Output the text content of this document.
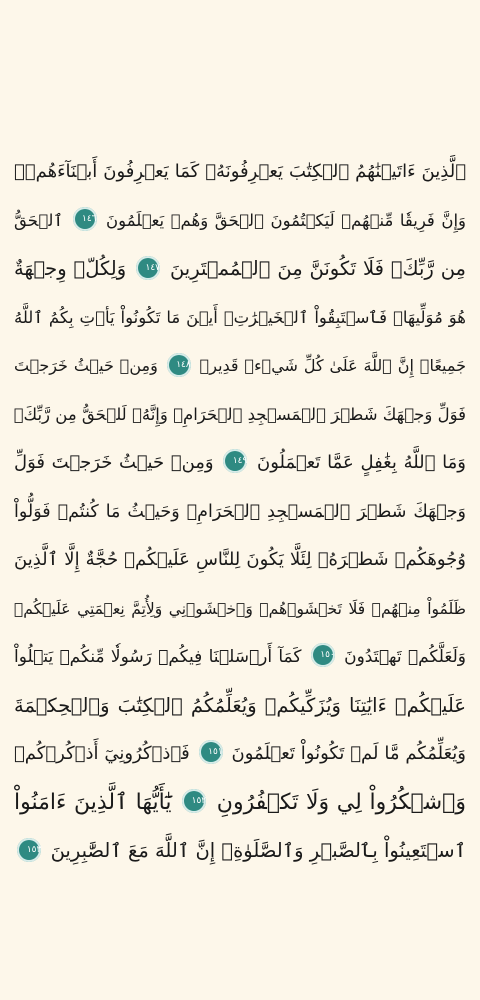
ٱلَّذِينَ ءَاتَيۡنَٰهُمُ ٱلۡكِتَٰبَ يَعۡرِفُونَهُۥ كَمَا يَعۡرِفُونَ أَبۡنَآءَهُمۡۖ
وَإِنَّ فَرِيقٗا مِّنۡهُمۡ لَيَكۡتُمُونَ ٱلۡحَقَّ وَهُمۡ يَعۡلَمُونَ ١٤٦ ٱلۡحَقُّ
مِن رَّبِّكَۖ فَلَا تَكُونَنَّ مِنَ ٱلۡمُمۡتَرِينَ ١٤٧ وَلِكُلّٖ وِجۡهَةٌ
هُوَ مُوَلِّيهَاۖ فَٱسۡتَبِقُواْ ٱلۡخَيۡرَٰتِۚ أَيۡنَ مَا تَكُونُواْ يَأۡتِ بِكُمُ ٱللَّهُ
جَمِيعًاۚ إِنَّ ٱللَّهَ عَلَىٰ كُلِّ شَيۡءٖ قَدِيرٞ ١٤٨ وَمِنۡ حَيۡثُ خَرَجۡتَ
فَوَلِّ وَجۡهَكَ شَطۡرَ ٱلۡمَسۡجِدِ ٱلۡحَرَامِۖ وَإِنَّهُۥ لَلۡحَقُّ مِن رَّبِّكَۗ
وَمَا ٱللَّهُ بِغَٰفِلٍ عَمَّا تَعۡمَلُونَ ١٤٩ وَمِنۡ حَيۡثُ خَرَجۡتَ فَوَلِّ
وَجۡهَكَ شَطۡرَ ٱلۡمَسۡجِدِ ٱلۡحَرَامِۚ وَحَيۡثُ مَا كُنتُمۡ فَوَلُّواْ
وُجُوهَكُمۡ شَطۡرَهُۥ لِئَلَّا يَكُونَ لِلنَّاسِ عَلَيۡكُمۡ حُجَّةٌ إِلَّا ٱلَّذِينَ
ظَلَمُواْ مِنۡهُمۡ فَلَا تَخۡشَوۡهُمۡ وَٱخۡشَوۡنِي وَلِأُتِمَّ نِعۡمَتِي عَلَيۡكُمۡ
وَلَعَلَّكُمۡ تَهۡتَدُونَ ١٥٠ كَمَآ أَرۡسَلۡنَا فِيكُمۡ رَسُولٗا مِّنكُمۡ يَتۡلُواْ
عَلَيۡكُمۡ ءَايَٰتِنَا وَيُزَكِّيكُمۡ وَيُعَلِّمُكُمُ ٱلۡكِتَٰبَ وَٱلۡحِكۡمَةَ
وَيُعَلِّمُكُم مَّا لَمۡ تَكُونُواْ تَعۡلَمُونَ ١٥١ فَٱذۡكُرُونِيٓ أَذۡكُرۡكُمۡ
وَٱشۡكُرُواْ لِي وَلَا تَكۡفُرُونِ ١٥٢ يَٰٓأَيُّهَا ٱلَّذِينَ ءَامَنُواْ
ٱسۡتَعِينُواْ بِٱلصَّبۡرِ وَٱلصَّلَوٰةِۚ إِنَّ ٱللَّهَ مَعَ ٱلصَّٰبِرِينَ ١٥٣
